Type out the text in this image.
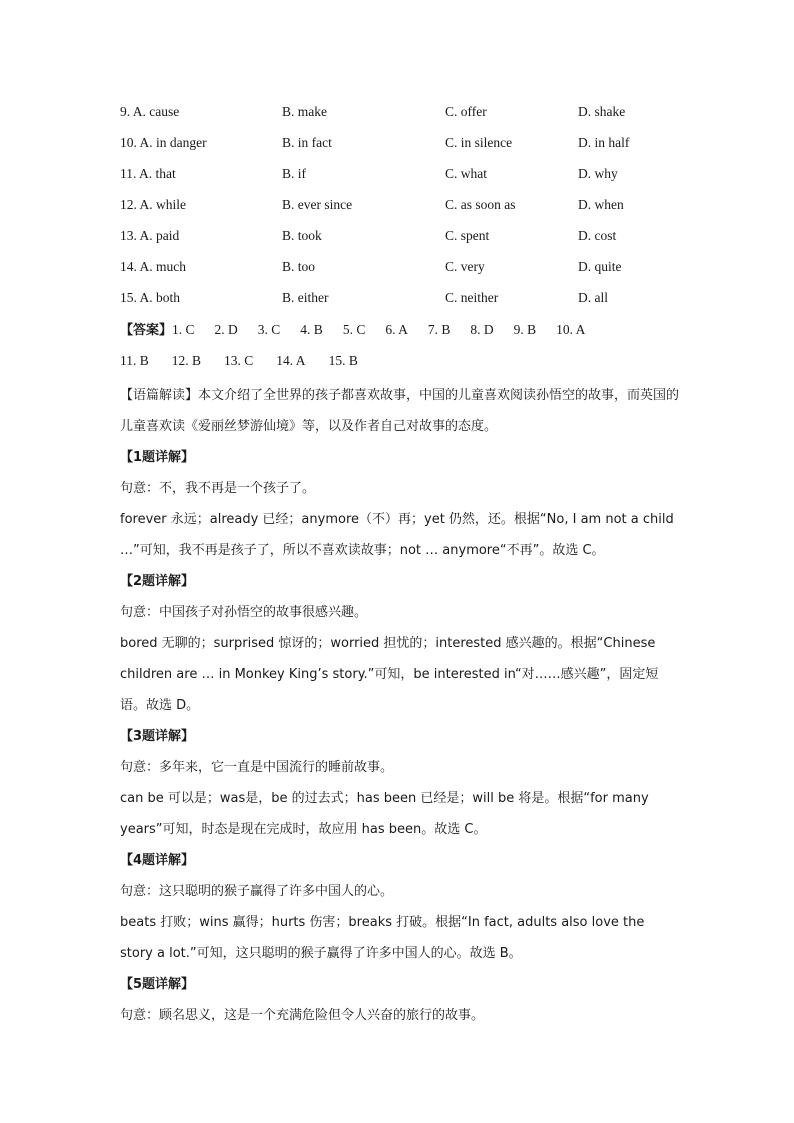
9. A. cause	B. make	C. offer	D. shake
10. A. in danger	B. in fact	C. in silence	D. in half
11. A. that	B. if	C. what	D. why
12. A. while	B. ever since	C. as soon as	D. when
13. A. paid	B. took	C. spent	D. cost
14. A. much	B. too	C. very	D. quite
15. A. both	B. either	C. neither	D. all
【答案】1. C 2. D 3. C 4. B 5. C 6. A 7. B 8. D 9. B 10. A
11. B 12. B 13. C 14. A 15. B

【语篇解读】本文介绍了全世界的孩子都喜欢故事，中国的儿童喜欢阅读孙悟空的故事，而英国的儿童喜欢读《爱丽丝梦游仙境》等，以及作者自己对故事的态度。

【1题详解】

句意：不，我不再是一个孩子了。

forever 永远；already 已经；anymore（不）再；yet 仍然，还。根据“No, I am not a child …”可知，我不再是孩子了，所以不喜欢读故事；not … anymore“不再”。故选 C。

【2题详解】

句意：中国孩子对孙悟空的故事很感兴趣。

bored 无聊的；surprised 惊讶的；worried 担忧的；interested 感兴趣的。根据“Chinese children are … in Monkey King’s story.”可知，be interested in“对……感兴趣”，固定短语。故选 D。

【3题详解】

句意：多年来，它一直是中国流行的睡前故事。

can be 可以是；was是，be 的过去式；has been 已经是；will be 将是。根据“for many years”可知，时态是现在完成时，故应用 has been。故选 C。

【4题详解】

句意：这只聪明的猴子赢得了许多中国人的心。

beats 打败；wins 赢得；hurts 伤害；breaks 打破。根据“In fact, adults also love the story a lot.”可知，这只聪明的猴子赢得了许多中国人的心。故选 B。

【5题详解】

句意：顾名思义，这是一个充满危险但令人兴奋的旅行的故事。
